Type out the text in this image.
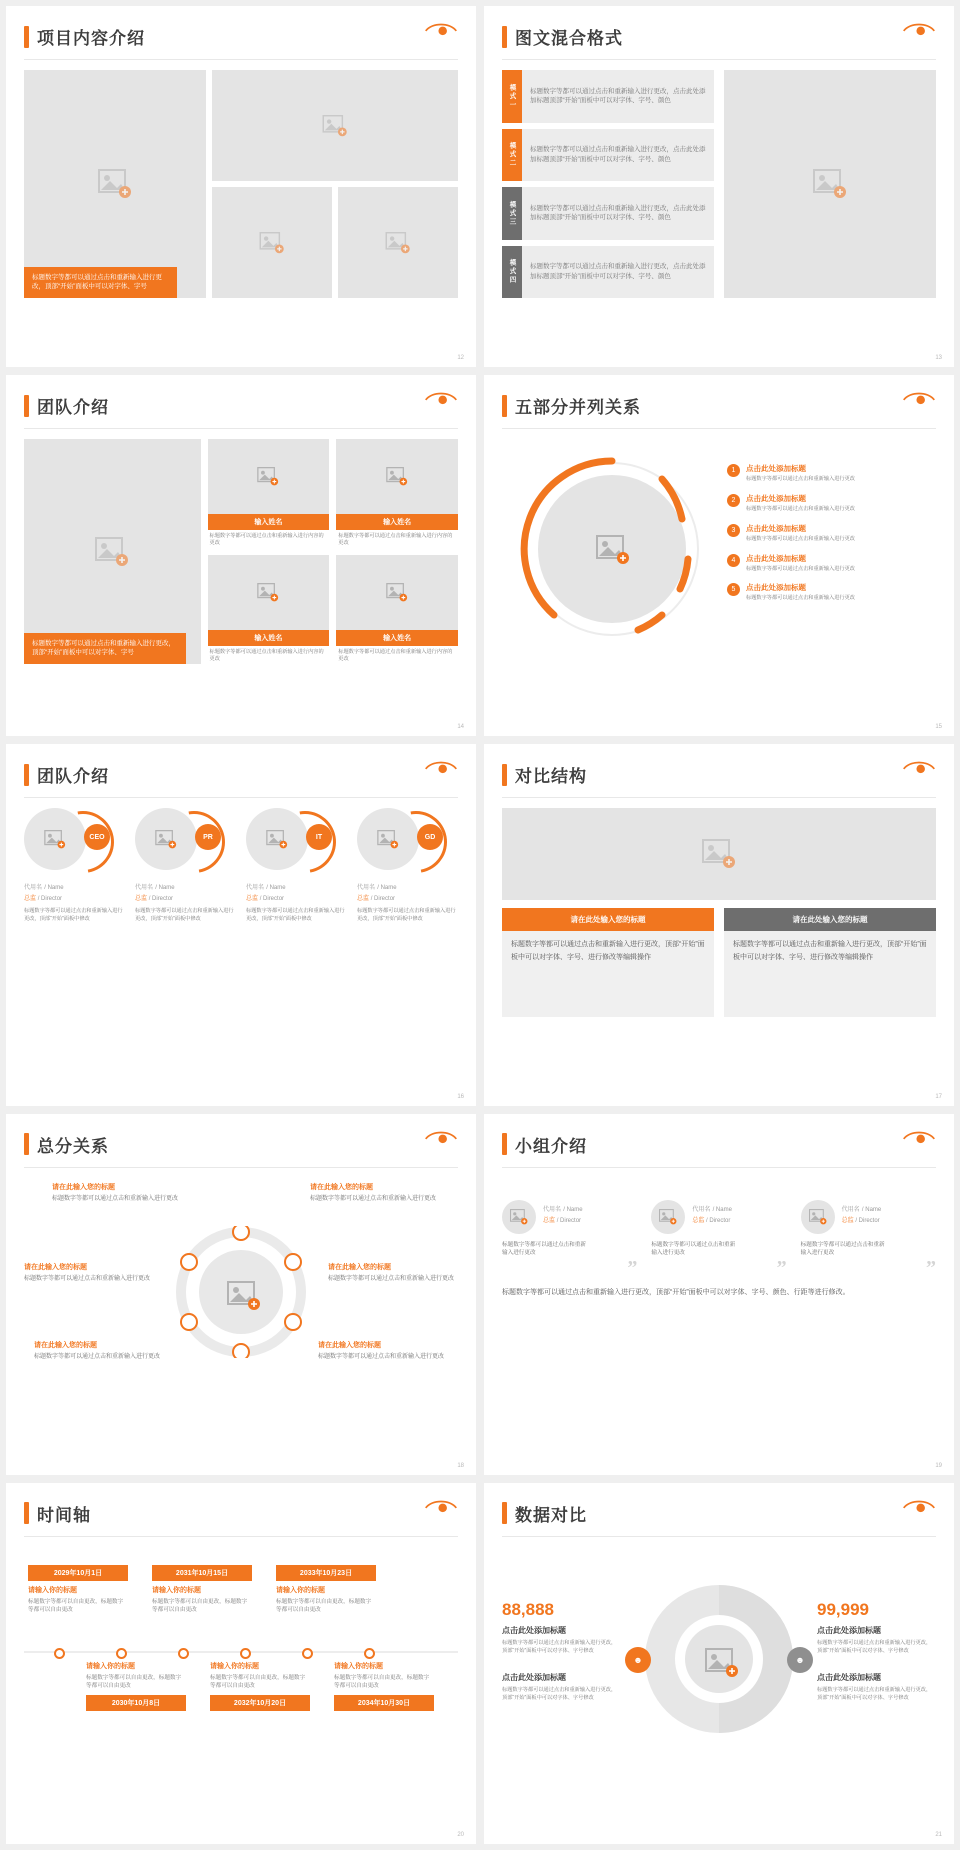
项目内容介绍
标题数字等都可以通过点击和重新输入进行更改，顶部“开始”面板中可以对字体、字号
12
图文混合格式
模式一	标题数字等都可以通过点击和重新输入进行更改，点击此处添加标题顶部“开始”面板中可以对字体、字号、颜色
模式二	标题数字等都可以通过点击和重新输入进行更改，点击此处添加标题顶部“开始”面板中可以对字体、字号、颜色
模式三	标题数字等都可以通过点击和重新输入进行更改，点击此处添加标题顶部“开始”面板中可以对字体、字号、颜色
模式四	标题数字等都可以通过点击和重新输入进行更改，点击此处添加标题顶部“开始”面板中可以对字体、字号、颜色
13
团队介绍
标题数字等都可以通过点击和重新输入进行更改，顶部“开始”面板中可以对字体、字号
输入姓名
标题数字等都可以通过点击和重新输入进行内容的更改
输入姓名
标题数字等都可以通过点击和重新输入进行内容的更改
输入姓名
标题数字等都可以通过点击和重新输入进行内容的更改
输入姓名
标题数字等都可以通过点击和重新输入进行内容的更改
14
五部分并列关系
1	点击此处添加标题
标题数字等都可以通过点击和重新输入进行更改
2	点击此处添加标题
标题数字等都可以通过点击和重新输入进行更改
3	点击此处添加标题
标题数字等都可以通过点击和重新输入进行更改
4	点击此处添加标题
标题数字等都可以通过点击和重新输入进行更改
5	点击此处添加标题
标题数字等都可以通过点击和重新输入进行更改
15
团队介绍
CEO
代用名 / Name
总监 / Director
标题数字等都可以通过点击和重新输入进行更改，顶部“开始”面板中修改
PR
代用名 / Name
总监 / Director
标题数字等都可以通过点击和重新输入进行更改，顶部“开始”面板中修改
IT
代用名 / Name
总监 / Director
标题数字等都可以通过点击和重新输入进行更改，顶部“开始”面板中修改
GD
代用名 / Name
总监 / Director
标题数字等都可以通过点击和重新输入进行更改，顶部“开始”面板中修改
16
对比结构
请在此处输入您的标题
标题数字等都可以通过点击和重新输入进行更改，顶部“开始”面板中可以对字体、字号、进行修改等编辑操作
请在此处输入您的标题
标题数字等都可以通过点击和重新输入进行更改，顶部“开始”面板中可以对字体、字号、进行修改等编辑操作
17
总分关系
请在此输入您的标题
标题数字等都可以通过点击和重新输入进行更改
请在此输入您的标题
标题数字等都可以通过点击和重新输入进行更改
请在此输入您的标题
标题数字等都可以通过点击和重新输入进行更改
请在此输入您的标题
标题数字等都可以通过点击和重新输入进行更改
请在此输入您的标题
标题数字等都可以通过点击和重新输入进行更改
请在此输入您的标题
标题数字等都可以通过点击和重新输入进行更改
18
小组介绍
代用名 / Name
总监 / Director
标题数字等都可以通过点击和重新输入进行更改
”
代用名 / Name
总监 / Director
标题数字等都可以通过点击和重新输入进行更改
”
代用名 / Name
总监 / Director
标题数字等都可以通过点击和重新输入进行更改
”
标题数字等都可以通过点击和重新输入进行更改，顶部“开始”面板中可以对字体、字号、颜色、行距等进行修改。
19
时间轴
2029年10月1日
请输入你的标题
标题数字等都可以自由更改，标题数字等都可以自由更改
2031年10月15日
请输入你的标题
标题数字等都可以自由更改，标题数字等都可以自由更改
2033年10月23日
请输入你的标题
标题数字等都可以自由更改，标题数字等都可以自由更改
请输入你的标题
标题数字等都可以自由更改，标题数字等都可以自由更改
2030年10月8日
请输入你的标题
标题数字等都可以自由更改，标题数字等都可以自由更改
2032年10月20日
请输入你的标题
标题数字等都可以自由更改，标题数字等都可以自由更改
2034年10月30日
20
数据对比
88,888
点击此处添加标题
标题数字等都可以通过点击和重新输入进行更改，顶部“开始”面板中可以对字体、字号修改
点击此处添加标题
标题数字等都可以通过点击和重新输入进行更改，顶部“开始”面板中可以对字体、字号修改
☻	☻
99,999
点击此处添加标题
标题数字等都可以通过点击和重新输入进行更改，顶部“开始”面板中可以对字体、字号修改
点击此处添加标题
标题数字等都可以通过点击和重新输入进行更改，顶部“开始”面板中可以对字体、字号修改
21
